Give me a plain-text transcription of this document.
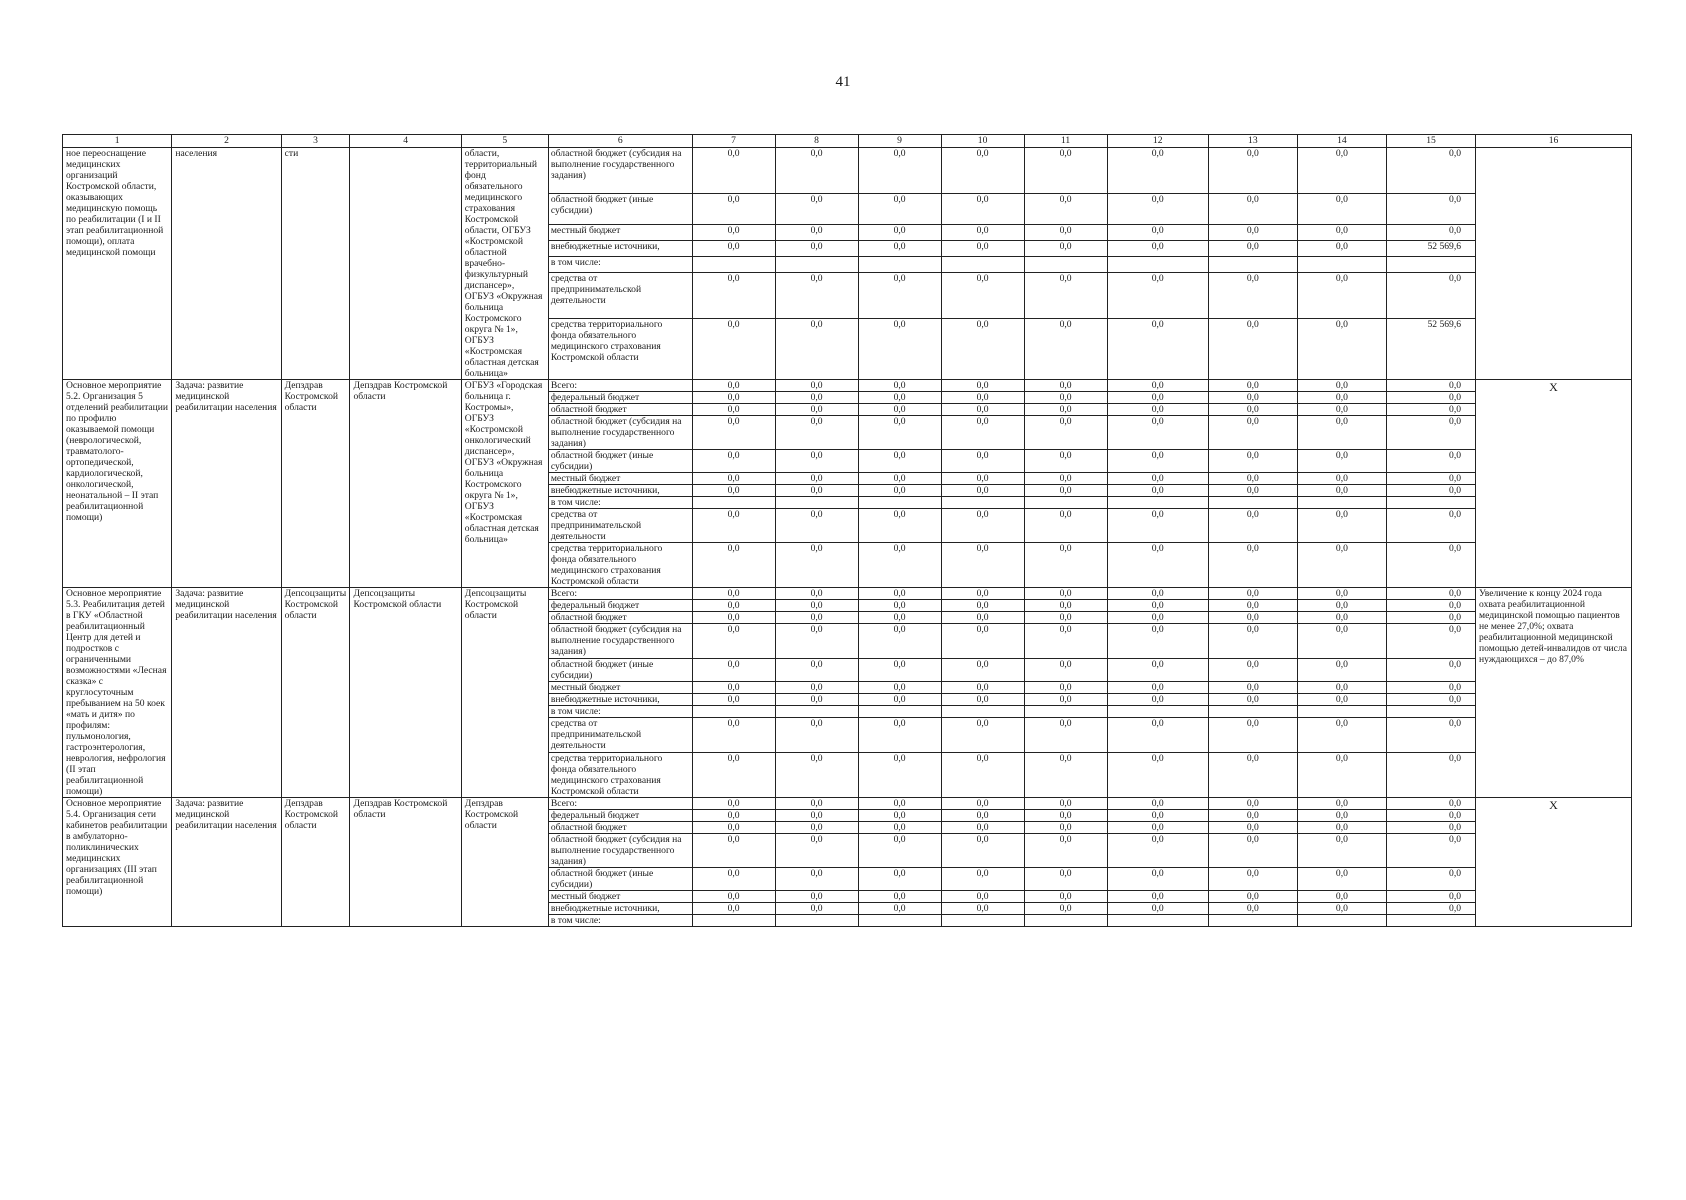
41
1	2	3	4	5	6	7	8	9	10	11	12	13	14	15	16
ное переоснащение медицинских организаций Костромской области, оказывающих медицинскую помощь по реабилитации (I и II этап реабилитационной помощи), оплата медицинской помощи	населения	сти		области, территориальный фонд обязательного медицинского страхования Костромской области, ОГБУЗ «Костромской областной врачебно-физкультурный диспансер», ОГБУЗ «Окружная больница Костромского округа № 1», ОГБУЗ «Костромская областная детская больница»	областной бюджет (субсидия на выполнение государственного задания)	0,0	0,0	0,0	0,0	0,0	0,0	0,0	0,0	0,0	
					областной бюджет (иные субсидии)	0,0	0,0	0,0	0,0	0,0	0,0	0,0	0,0	0,0	
					местный бюджет	0,0	0,0	0,0	0,0	0,0	0,0	0,0	0,0	0,0	
					внебюджетные источники,	0,0	0,0	0,0	0,0	0,0	0,0	0,0	0,0	52 569,6	
					в том числе:										
					средства от предпринимательской деятельности	0,0	0,0	0,0	0,0	0,0	0,0	0,0	0,0	0,0	
					средства территориального фонда обязательного медицинского страхования Костромской области	0,0	0,0	0,0	0,0	0,0	0,0	0,0	0,0	52 569,6	
Основное мероприятие 5.2. Организация 5 отделений реабилитации по профилю оказываемой помощи (неврологической, травматолого-ортопедической, кардиологической, онкологической, неонатальной – II этап реабилитационной помощи)	Задача: развитие медицинской реабилитации населения	Депздрав Костромской области	Депздрав Костромской области	ОГБУЗ «Городская больница г. Костромы», ОГБУЗ «Костромской онкологический диспансер», ОГБУЗ «Окружная больница Костромского округа № 1», ОГБУЗ «Костромская областная детская больница»	Всего:	0,0	0,0	0,0	0,0	0,0	0,0	0,0	0,0	0,0	Х
					федеральный бюджет	0,0	0,0	0,0	0,0	0,0	0,0	0,0	0,0	0,0	
					областной бюджет	0,0	0,0	0,0	0,0	0,0	0,0	0,0	0,0	0,0	
					областной бюджет (субсидия на выполнение государственного задания)	0,0	0,0	0,0	0,0	0,0	0,0	0,0	0,0	0,0	
					областной бюджет (иные субсидии)	0,0	0,0	0,0	0,0	0,0	0,0	0,0	0,0	0,0	
					местный бюджет	0,0	0,0	0,0	0,0	0,0	0,0	0,0	0,0	0,0	
					внебюджетные источники,	0,0	0,0	0,0	0,0	0,0	0,0	0,0	0,0	0,0	
					в том числе:										
					средства от предпринимательской деятельности	0,0	0,0	0,0	0,0	0,0	0,0	0,0	0,0	0,0	
					средства территориального фонда обязательного медицинского страхования Костромской области	0,0	0,0	0,0	0,0	0,0	0,0	0,0	0,0	0,0	
Основное мероприятие 5.3. Реабилитация детей в ГКУ «Областной реабилитационный Центр для детей и подростков с ограниченными возможностями «Лесная сказка» с круглосуточным пребыванием на 50 коек «мать и дитя» по профилям: пульмонология, гастроэнтерология, неврология, нефрология (II этап реабилитационной помощи)	Задача: развитие медицинской реабилитации населения	Депсоцзащиты Костромской области	Депсоцзащиты Костромской области	Депсоцзащиты Костромской области	Всего:	0,0	0,0	0,0	0,0	0,0	0,0	0,0	0,0	0,0	Увеличение к концу 2024 года охвата реабилитационной медицинской помощью пациентов не менее 27,0%; охвата реабилитационной медицинской помощью детей-инвалидов от числа нуждающихся – до 87,0%
					федеральный бюджет	0,0	0,0	0,0	0,0	0,0	0,0	0,0	0,0	0,0	
					областной бюджет	0,0	0,0	0,0	0,0	0,0	0,0	0,0	0,0	0,0	
					областной бюджет (субсидия на выполнение государственного задания)	0,0	0,0	0,0	0,0	0,0	0,0	0,0	0,0	0,0	
					областной бюджет (иные субсидии)	0,0	0,0	0,0	0,0	0,0	0,0	0,0	0,0	0,0	
					местный бюджет	0,0	0,0	0,0	0,0	0,0	0,0	0,0	0,0	0,0	
					внебюджетные источники,	0,0	0,0	0,0	0,0	0,0	0,0	0,0	0,0	0,0	
					в том числе:										
					средства от предпринимательской деятельности	0,0	0,0	0,0	0,0	0,0	0,0	0,0	0,0	0,0	
					средства территориального фонда обязательного медицинского страхования Костромской области	0,0	0,0	0,0	0,0	0,0	0,0	0,0	0,0	0,0	
Основное мероприятие 5.4. Организация сети кабинетов реабилитации в амбулаторно-поликлинических медицинских организациях (III этап реабилитационной помощи)	Задача: развитие медицинской реабилитации населения	Депздрав Костромской области	Депздрав Костромской области	Депздрав Костромской области	Всего:	0,0	0,0	0,0	0,0	0,0	0,0	0,0	0,0	0,0	Х
					федеральный бюджет	0,0	0,0	0,0	0,0	0,0	0,0	0,0	0,0	0,0	
					областной бюджет	0,0	0,0	0,0	0,0	0,0	0,0	0,0	0,0	0,0	
					областной бюджет (субсидия на выполнение государственного задания)	0,0	0,0	0,0	0,0	0,0	0,0	0,0	0,0	0,0	
					областной бюджет (иные субсидии)	0,0	0,0	0,0	0,0	0,0	0,0	0,0	0,0	0,0	
					местный бюджет	0,0	0,0	0,0	0,0	0,0	0,0	0,0	0,0	0,0	
					внебюджетные источники,	0,0	0,0	0,0	0,0	0,0	0,0	0,0	0,0	0,0	
					в том числе:										
